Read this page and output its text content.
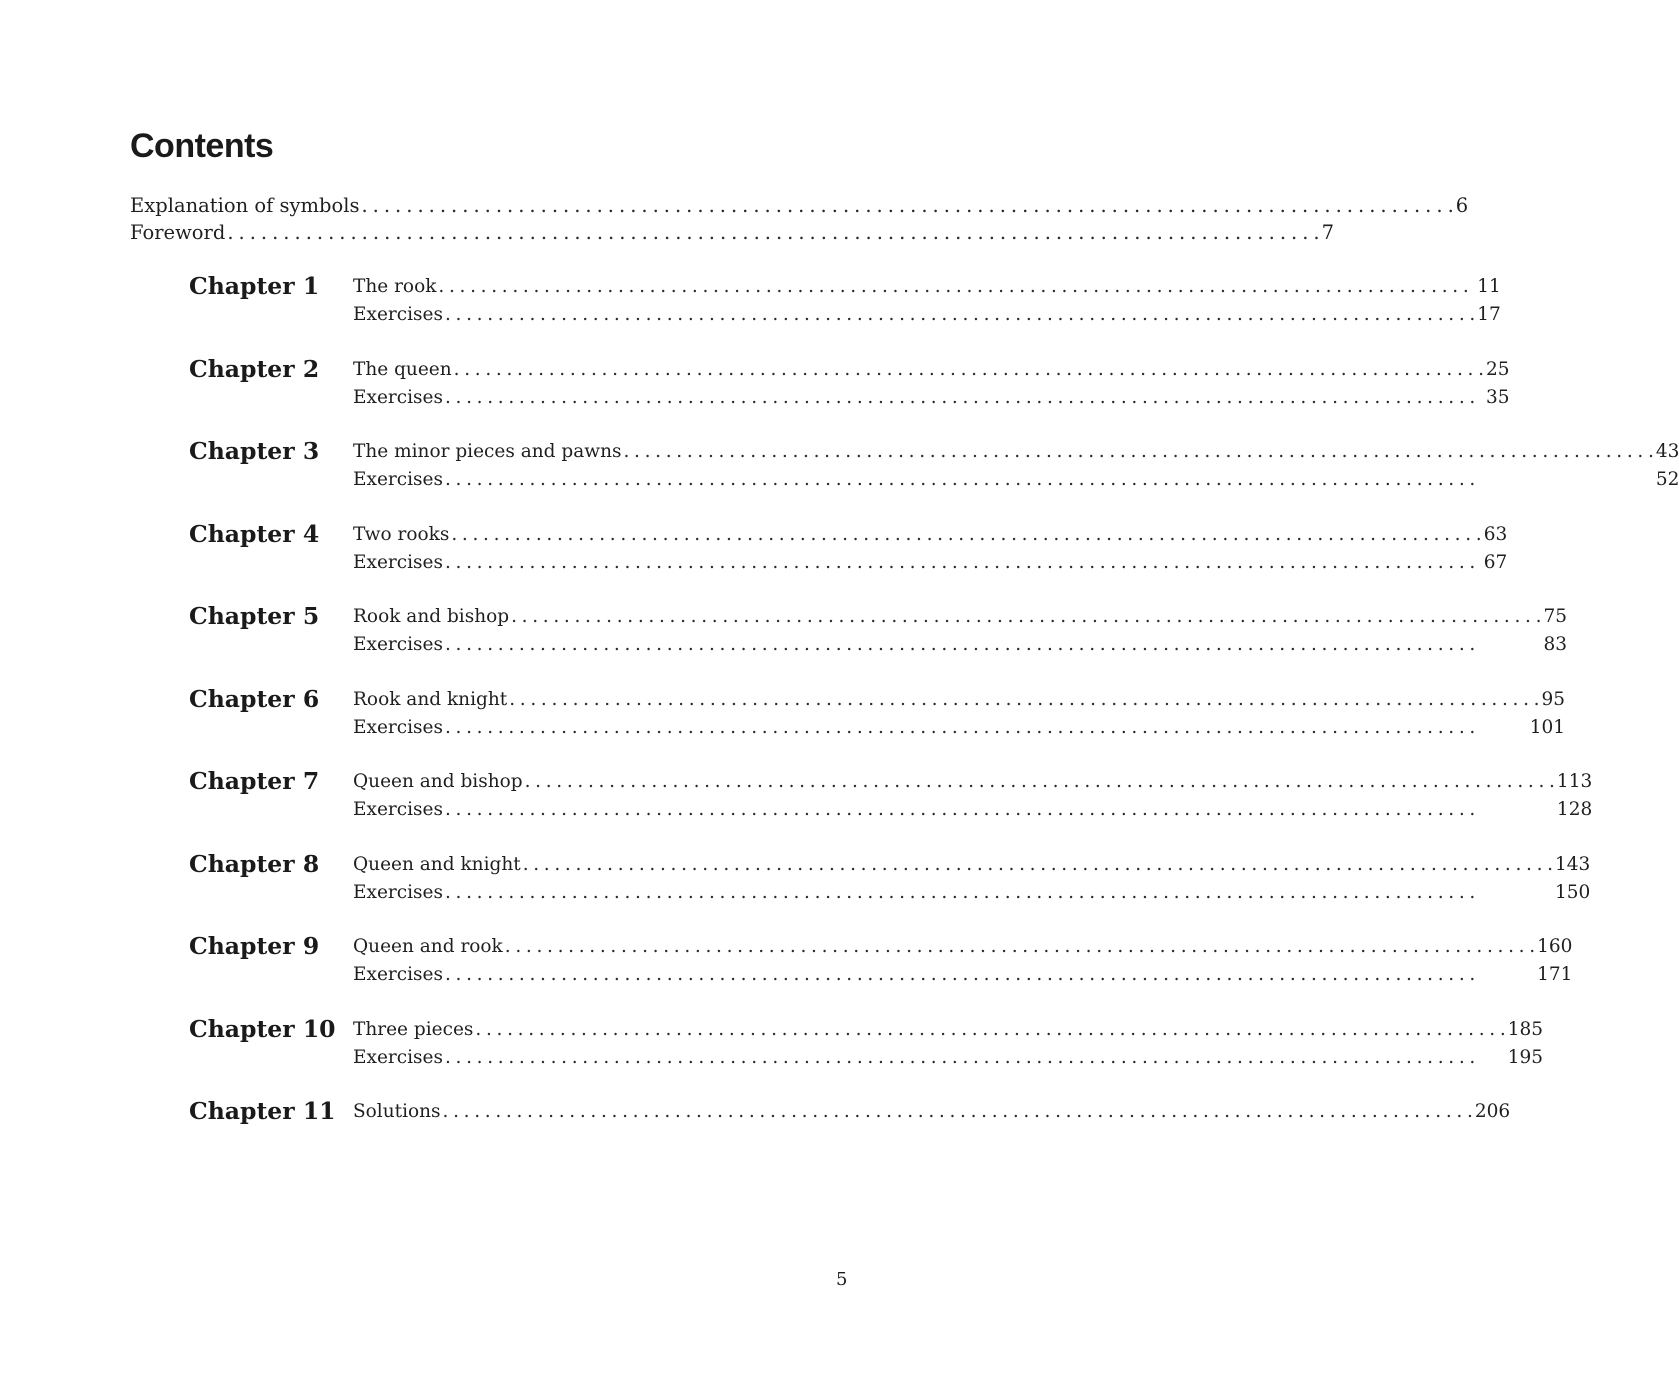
Contents
Explanation of symbols . . .	6
Foreword . . .	7
Chapter 1	The rook . . .	11
Exercises . . .	17
Chapter 2	The queen . . .	25
Exercises . . .	35
Chapter 3	The minor pieces and pawns . . .	43
Exercises . . .	52
Chapter 4	Two rooks . . .	63
Exercises . . .	67
Chapter 5	Rook and bishop . . .	75
Exercises . . .	83
Chapter 6	Rook and knight . . .	95
Exercises . . .	101
Chapter 7	Queen and bishop . . .	113
Exercises . . .	128
Chapter 8	Queen and knight . . .	143
Exercises . . .	150
Chapter 9	Queen and rook . . .	160
Exercises . . .	171
Chapter 10 Three pieces . . .	185
Exercises . . .	195
Chapter 11 Solutions . . .	206
5
